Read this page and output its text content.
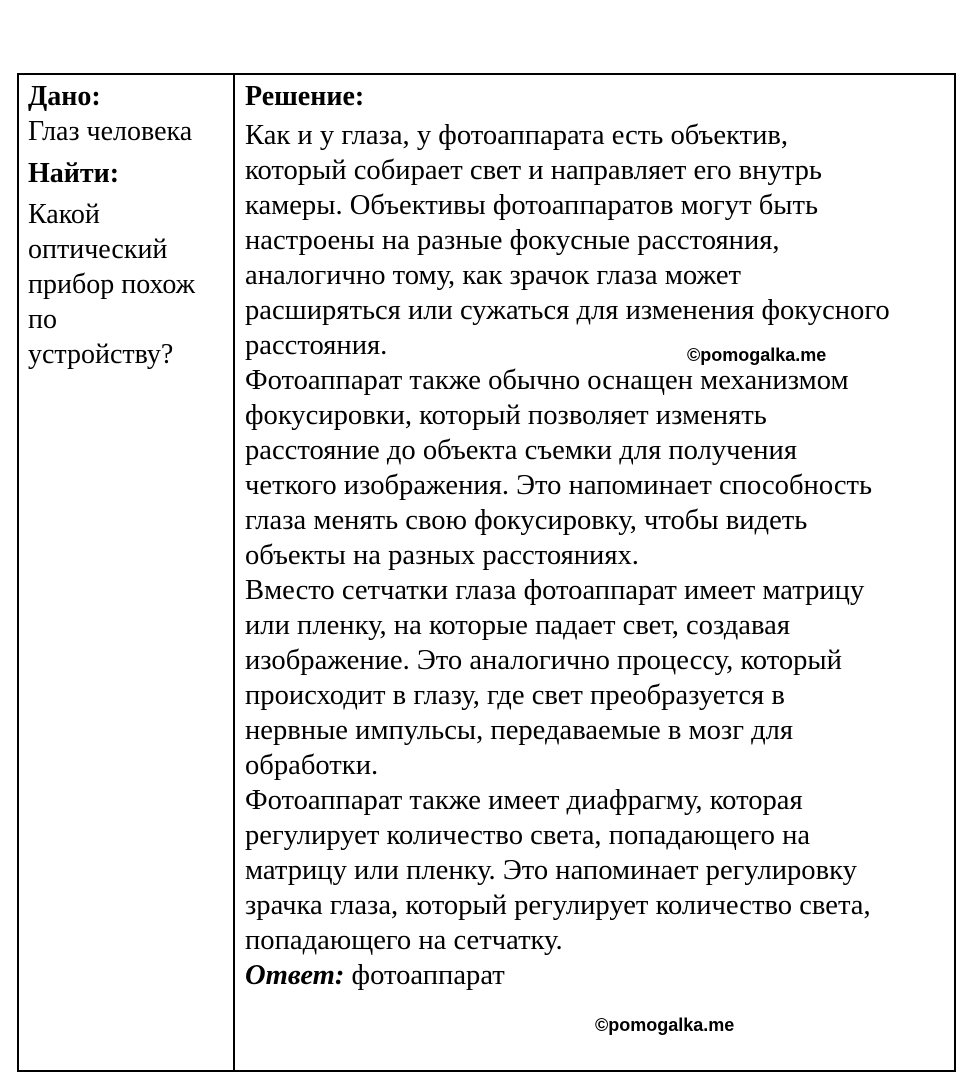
Дано:

Глаз человека

Найти:

Какой

оптический

прибор похож

по

устройству?

Решение:

Как и у глаза, у фотоаппарата есть объектив,

который собирает свет и направляет его внутрь

камеры. Объективы фотоаппаратов могут быть

настроены на разные фокусные расстояния,

аналогично тому, как зрачок глаза может

расширяться или сужаться для изменения фокусного

расстояния.

Фотоаппарат также обычно оснащен механизмом

фокусировки, который позволяет изменять

расстояние до объекта съемки для получения

четкого изображения. Это напоминает способность

глаза менять свою фокусировку, чтобы видеть

объекты на разных расстояниях.

Вместо сетчатки глаза фотоаппарат имеет матрицу

или пленку, на которые падает свет, создавая

изображение. Это аналогично процессу, который

происходит в глазу, где свет преобразуется в

нервные импульсы, передаваемые в мозг для

обработки.

Фотоаппарат также имеет диафрагму, которая

регулирует количество света, попадающего на

матрицу или пленку. Это напоминает регулировку

зрачка глаза, который регулирует количество света,

попадающего на сетчатку.

Ответ: фотоаппарат

©pomogalka.me
©pomogalka.me
